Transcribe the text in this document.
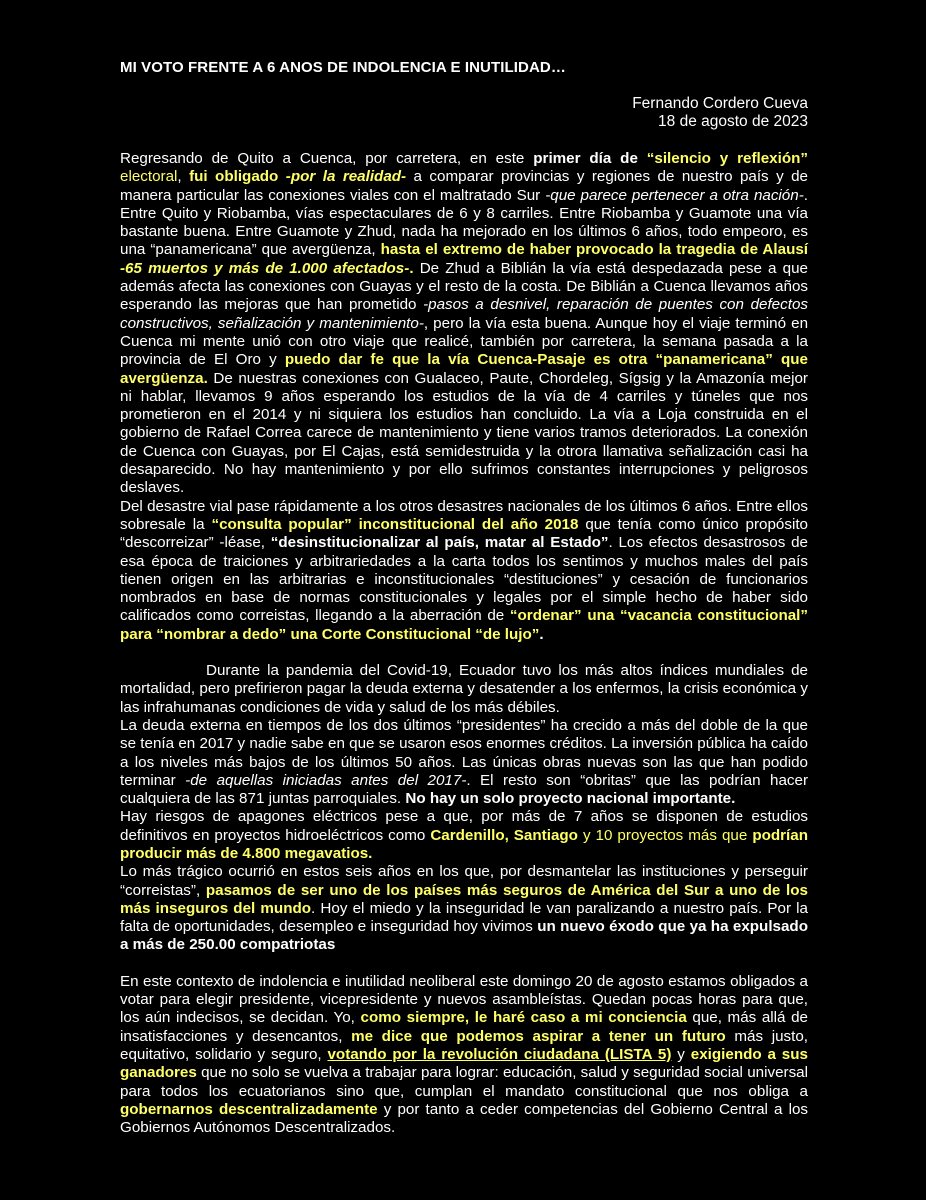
MI VOTO FRENTE A 6 ANOS DE INDOLENCIA E INUTILIDAD…
Fernando Cordero Cueva
18 de agosto de 2023

Regresando de Quito a Cuenca, por carretera, en este primer día de “silencio y reflexión” electoral, fui obligado -por la realidad- a comparar provincias y regiones de nuestro país y de manera particular las conexiones viales con el maltratado Sur -que parece pertenecer a otra nación-. Entre Quito y Riobamba, vías espectaculares de 6 y 8 carriles. Entre Riobamba y Guamote una vía bastante buena. Entre Guamote y Zhud, nada ha mejorado en los últimos 6 años, todo empeoro, es una “panamericana” que avergüenza, hasta el extremo de haber provocado la tragedia de Alausí -65 muertos y más de 1.000 afectados-. De Zhud a Biblián la vía está despedazada pese a que además afecta las conexiones con Guayas y el resto de la costa. De Biblián a Cuenca llevamos años esperando las mejoras que han prometido -pasos a desnivel, reparación de puentes con defectos constructivos, señalización y mantenimiento-, pero la vía esta buena. Aunque hoy el viaje terminó en Cuenca mi mente unió con otro viaje que realicé, también por carretera, la semana pasada a la provincia de El Oro y puedo dar fe que la vía Cuenca-Pasaje es otra “panamericana” que avergüenza. De nuestras conexiones con Gualaceo, Paute, Chordeleg, Sígsig y la Amazonía mejor ni hablar, llevamos 9 años esperando los estudios de la vía de 4 carriles y túneles que nos prometieron en el 2014 y ni siquiera los estudios han concluido. La vía a Loja construida en el gobierno de Rafael Correa carece de mantenimiento y tiene varios tramos deteriorados. La conexión de Cuenca con Guayas, por El Cajas, está semidestruida y la otrora llamativa señalización casi ha desaparecido. No hay mantenimiento y por ello sufrimos constantes interrupciones y peligrosos deslaves.

Del desastre vial pase rápidamente a los otros desastres nacionales de los últimos 6 años. Entre ellos sobresale la “consulta popular” inconstitucional del año 2018 que tenía como único propósito “descorreizar” -léase, “desinstitucionalizar al país, matar al Estado”. Los efectos desastrosos de esa época de traiciones y arbitrariedades a la carta todos los sentimos y muchos males del país tienen origen en las arbitrarias e inconstitucionales “destituciones” y cesación de funcionarios nombrados en base de normas constitucionales y legales por el simple hecho de haber sido calificados como correistas, llegando a la aberración de “ordenar” una “vacancia constitucional” para “nombrar a dedo” una Corte Constitucional “de lujo”.

Durante la pandemia del Covid-19, Ecuador tuvo los más altos índices mundiales de mortalidad, pero prefirieron pagar la deuda externa y desatender a los enfermos, la crisis económica y las infrahumanas condiciones de vida y salud de los más débiles.

La deuda externa en tiempos de los dos últimos “presidentes” ha crecido a más del doble de la que se tenía en 2017 y nadie sabe en que se usaron esos enormes créditos. La inversión pública ha caído a los niveles más bajos de los últimos 50 años. Las únicas obras nuevas son las que han podido terminar -de aquellas iniciadas antes del 2017-. El resto son “obritas” que las podrían hacer cualquiera de las 871 juntas parroquiales. No hay un solo proyecto nacional importante.

Hay riesgos de apagones eléctricos pese a que, por más de 7 años se disponen de estudios definitivos en proyectos hidroeléctricos como Cardenillo, Santiago y 10 proyectos más que podrían producir más de 4.800 megavatios.

Lo más trágico ocurrió en estos seis años en los que, por desmantelar las instituciones y perseguir “correistas”, pasamos de ser uno de los países más seguros de América del Sur a uno de los más inseguros del mundo. Hoy el miedo y la inseguridad le van paralizando a nuestro país. Por la falta de oportunidades, desempleo e inseguridad hoy vivimos un nuevo éxodo que ya ha expulsado a más de 250.00 compatriotas

En este contexto de indolencia e inutilidad neoliberal este domingo 20 de agosto estamos obligados a votar para elegir presidente, vicepresidente y nuevos asambleístas. Quedan pocas horas para que, los aún indecisos, se decidan. Yo, como siempre, le haré caso a mi conciencia que, más allá de insatisfacciones y desencantos, me dice que podemos aspirar a tener un futuro más justo, equitativo, solidario y seguro, votando por la revolución ciudadana (LISTA 5) y exigiendo a sus ganadores que no solo se vuelva a trabajar para lograr: educación, salud y seguridad social universal para todos los ecuatorianos sino que, cumplan el mandato constitucional que nos obliga a gobernarnos descentralizadamente y por tanto a ceder competencias del Gobierno Central a los Gobiernos Autónomos Descentralizados.
